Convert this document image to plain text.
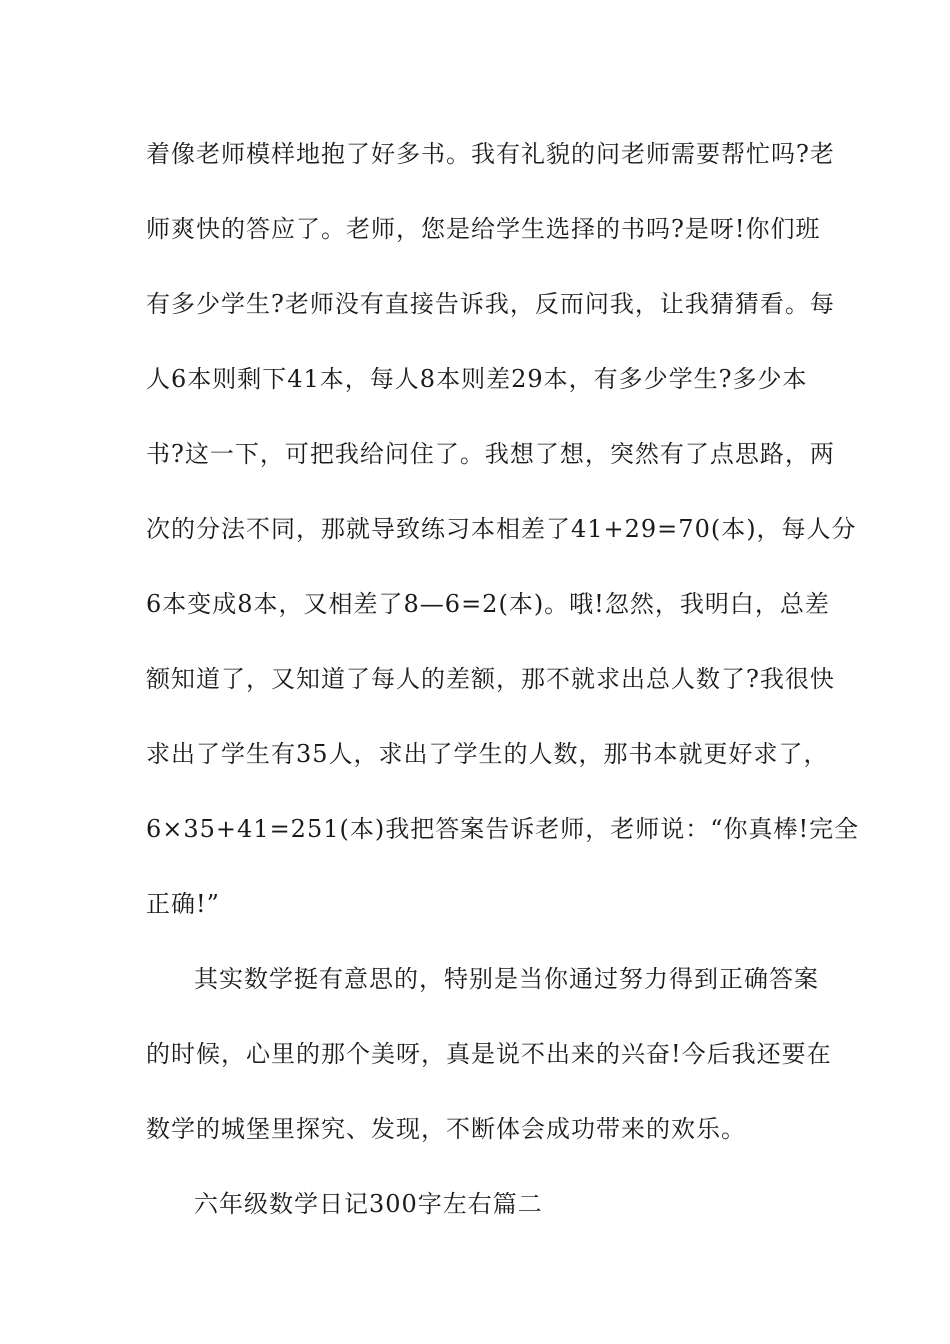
着像老师模样地抱了好多书。我有礼貌的问老师需要帮忙吗?老
师爽快的答应了。老师，您是给学生选择的书吗?是呀!你们班
有多少学生?老师没有直接告诉我，反而问我，让我猜猜看。每
人6本则剩下41本，每人8本则差29本，有多少学生?多少本
书?这一下，可把我给问住了。我想了想，突然有了点思路，两
次的分法不同，那就导致练习本相差了41+29=70(本)，每人分
6本变成8本，又相差了8—6=2(本)。哦!忽然，我明白，总差
额知道了，又知道了每人的差额，那不就求出总人数了?我很快
求出了学生有35人，求出了学生的人数，那书本就更好求了，
6×35+41=251(本)我把答案告诉老师，老师说：“你真棒!完全
正确!”
其实数学挺有意思的，特别是当你通过努力得到正确答案
的时候，心里的那个美呀，真是说不出来的兴奋!今后我还要在
数学的城堡里探究、发现，不断体会成功带来的欢乐。
六年级数学日记300字左右篇二
